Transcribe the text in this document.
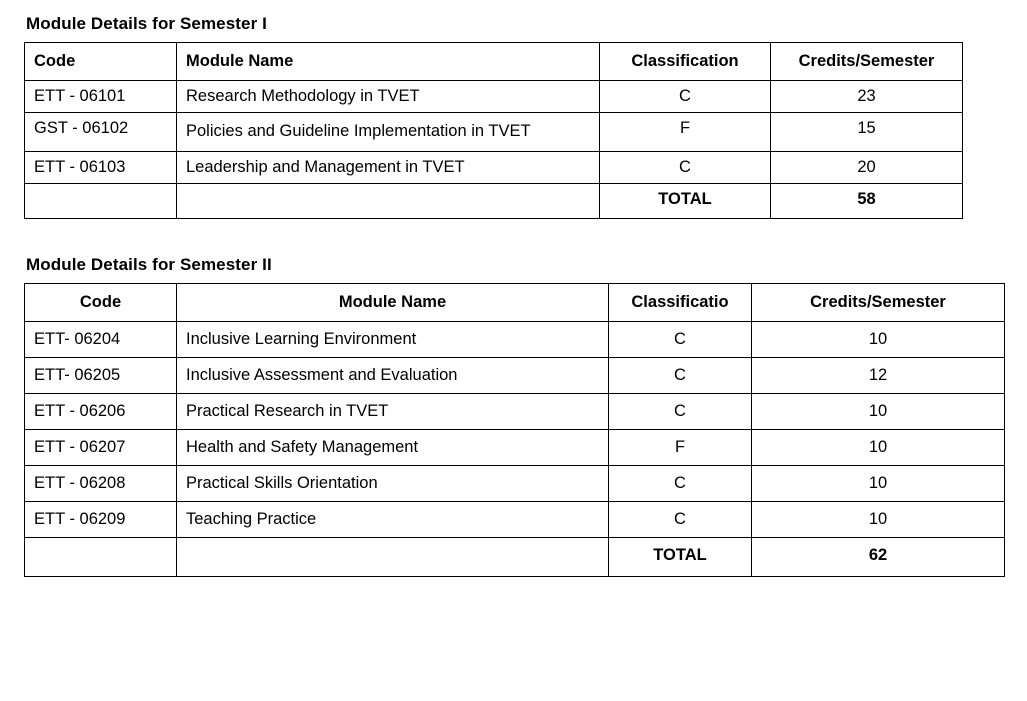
Module Details for Semester I
Code	Module Name	Classification	Credits/Semester
ETT - 06101	Research Methodology in TVET	C	23
GST - 06102	Policies and Guideline Implementation in TVET	F	15
ETT - 06103	Leadership and Management in TVET	C	20
		TOTAL	58
Module Details for Semester II
Code	Module Name	Classificatio	Credits/Semester
ETT- 06204	Inclusive Learning Environment	C	10
ETT- 06205	Inclusive Assessment and Evaluation	C	12
ETT - 06206	Practical Research in TVET	C	10
ETT - 06207	Health and Safety Management	F	10
ETT - 06208	Practical Skills Orientation	C	10
ETT - 06209	Teaching Practice	C	10
		TOTAL	62
